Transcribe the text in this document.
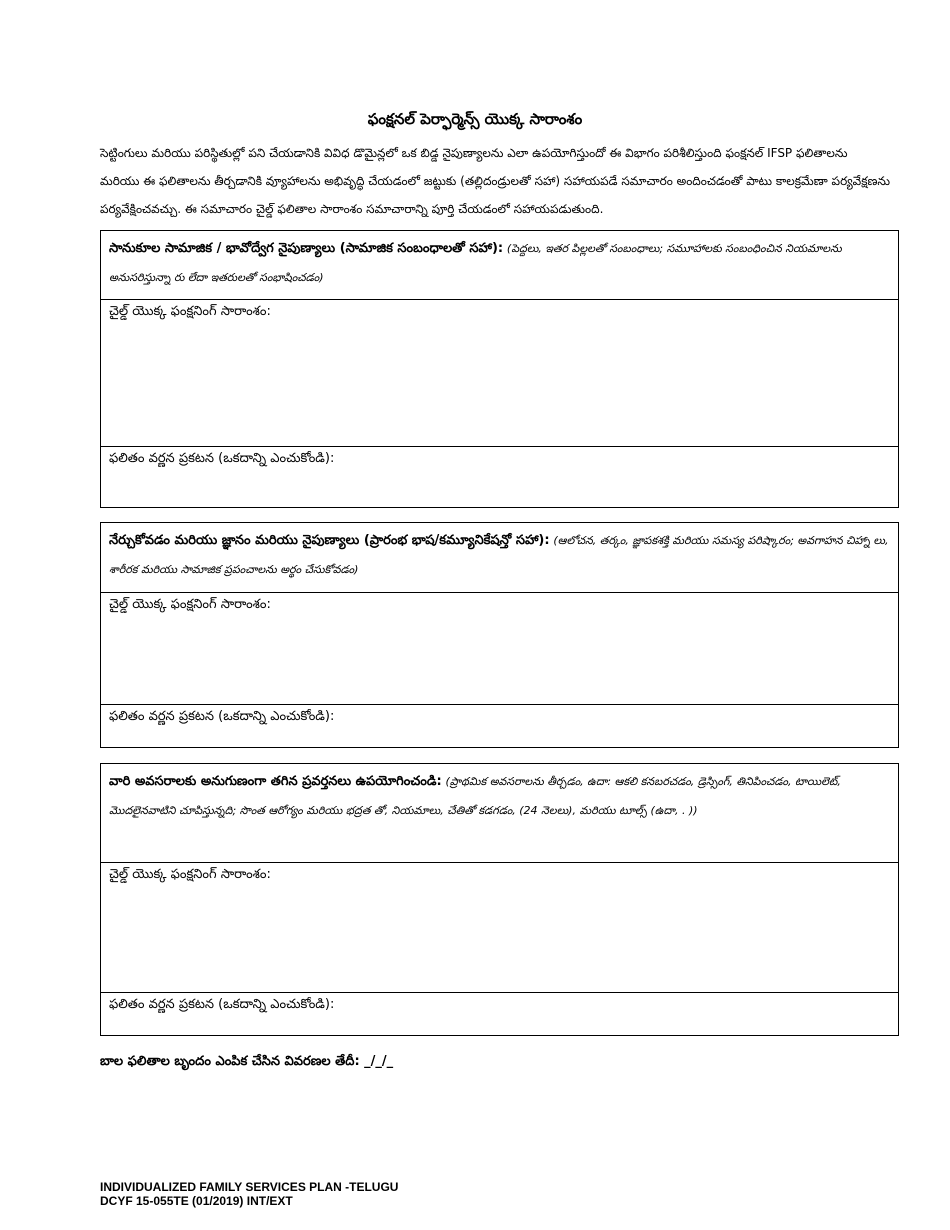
ఫంక్షనల్ పెర్ఫార్మెన్స్ యొక్క సారాంశం
సెట్టింగులు మరియు పరిస్థితుల్లో పని చేయడానికి వివిధ డొమైన్లలో ఒక బిడ్డ నైపుణ్యాలను ఎలా ఉపయోగిస్తుందో ఈ విభాగం పరిశీలిస్తుంది ఫంక్షనల్ IFSP ఫలితాలను మరియు ఈ ఫలితాలను తీర్చడానికి వ్యూహాలను అభివృద్ధి చేయడంలో జట్టుకు (తల్లిదండ్రులతో సహా) సహాయపడే సమాచారం అందించడంతో పాటు కాలక్రమేణా పర్యవేక్షణను పర్యవేక్షించవచ్చు. ఈ సమాచారం చైల్డ్ ఫలితాల సారాంశం సమాచారాన్ని పూర్తి చేయడంలో సహాయపడుతుంది.
సానుకూల సామాజిక / భావోద్వేగ నైపుణ్యాలు (సామాజిక సంబంధాలతో సహా): (పెద్దలు, ఇతర పిల్లలతో సంబంధాలు; సమూహాలకు సంబంధించిన నియమాలను అనుసరిస్తున్నా రు లేదా ఇతరులతో సంభాషించడం)
చైల్డ్ యొక్క ఫంక్షనింగ్ సారాంశం:
ఫలితం వర్ణన ప్రకటన (ఒకదాన్ని ఎంచుకోండి):
నేర్చుకోవడం మరియు జ్ఞానం మరియు నైపుణ్యాలు (ప్రారంభ భాష/కమ్యూనికేషన్తో సహా): (ఆలోచన, తర్కం, జ్ఞాపకశక్తి మరియు సమస్య పరిష్కారం; అవగాహన చిహ్నా లు, శారీరక మరియు సామాజిక ప్రపంచాలను అర్థం చేసుకోవడం)
చైల్డ్ యొక్క ఫంక్షనింగ్ సారాంశం:
ఫలితం వర్ణన ప్రకటన (ఒకదాన్ని ఎంచుకోండి):
వారి అవసరాలకు అనుగుణంగా తగిన ప్రవర్తనలు ఉపయోగించండి: (ప్రాథమిక అవసరాలను తీర్చడం, ఉదా: ఆకలి కనబరచడం, డ్రెస్సింగ్, తినిపించడం, టాయిలెట్, మొదలైనవాటిని చూపిస్తున్నది; సొంత ఆరోగ్యం మరియు భద్రత తో, నియమాలు, చేతితో కడగడం, (24 నెలలు), మరియు టూల్స్ (ఉదా, . ))
చైల్డ్ యొక్క ఫంక్షనింగ్ సారాంశం:
ఫలితం వర్ణన ప్రకటన (ఒకదాన్ని ఎంచుకోండి):
బాల ఫలితాల బృందం ఎంపిక చేసిన వివరణల తేదీ: _/_/_
INDIVIDUALIZED FAMILY SERVICES PLAN -TELUGU
DCYF 15-055TE (01/2019) INT/EXT
